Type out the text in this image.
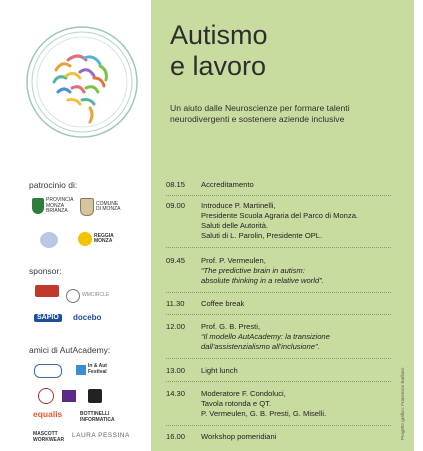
patrocinio di:
sponsor:
amici di AutAcademy:
PROVINCIA MONZA BRIANZA
COMUNE DI MONZA
REGGIA MONZA
WMCIRCLE
SAPIO	docebo
In & Aut Festival
equalis	BOTTINELLI INFORMATICA
MASCOTT WORKWEAR
LAURA PESSINA
Autismo
e lavoro
Un aiuto dalle Neuroscienze per formare talenti neurodivergenti e sostenere aziende inclusive
08.15	Accreditamento
09.00	Introduce P. Martinelli,
Presidente Scuola Agraria del Parco di Monza.
Saluti delle Autorità.
Saluti di L. Parolin, Presidente OPL.
09.45	Prof. P. Vermeulen,
“The predictive brain in autism:
absolute thinking in a relative world”.
11.30	Coffee break
12.00	Prof. G. B. Presti,
“Il modello AutAcademy: la transizione
dall’assistenzialismo all’inclusione”.
13.00	Light lunch
14.30	Moderatore F. Condoluci,
Tavola rotonda e QT.
P. Vermeulen, G. B. Presti, G. Miselli.
16.00	Workshop pomeridiani	Progetto grafico: Francesco Barbaro
